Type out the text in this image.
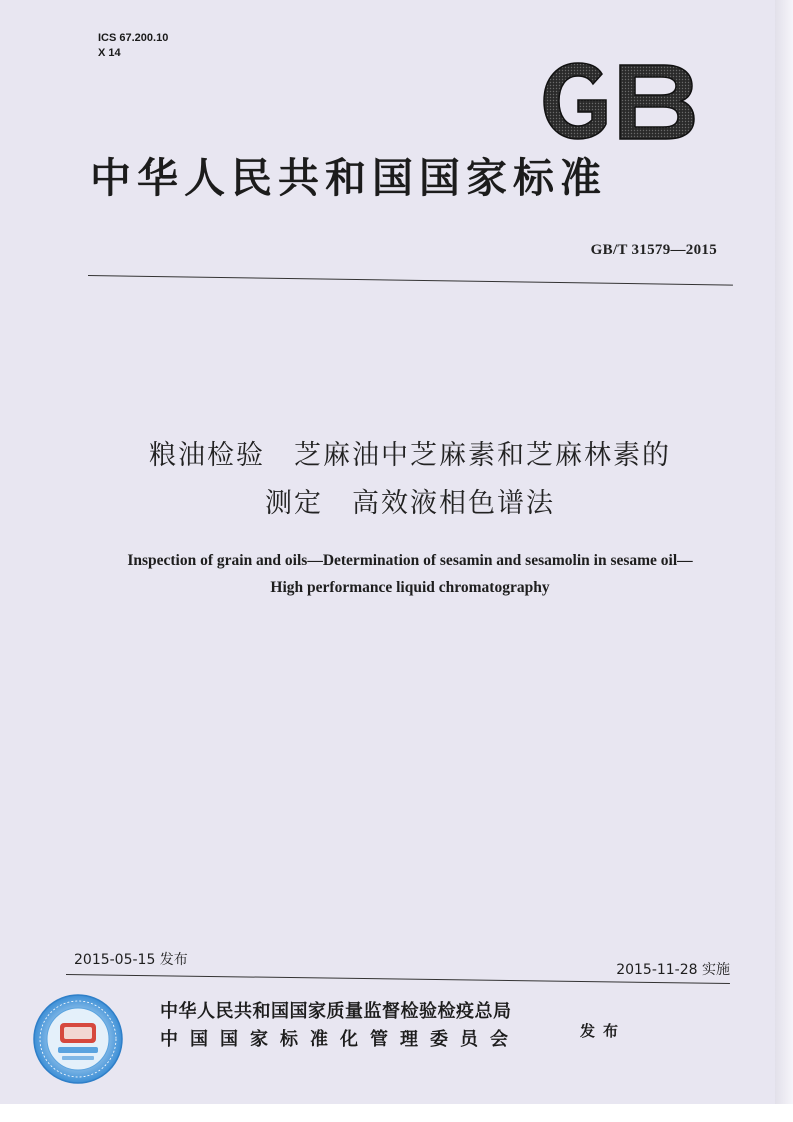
ICS 67.200.10
X 14
中华人民共和国国家标准
GB/T 31579—2015
粮油检验　芝麻油中芝麻素和芝麻林素的
测定　高效液相色谱法
Inspection of grain and oils—Determination of sesamin and sesamolin in sesame oil—
High performance liquid chromatography
2015-05-15 发布
2015-11-28 实施
中华人民共和国国家质量监督检验检疫总局
中国国家标准化管理委员会	发布
